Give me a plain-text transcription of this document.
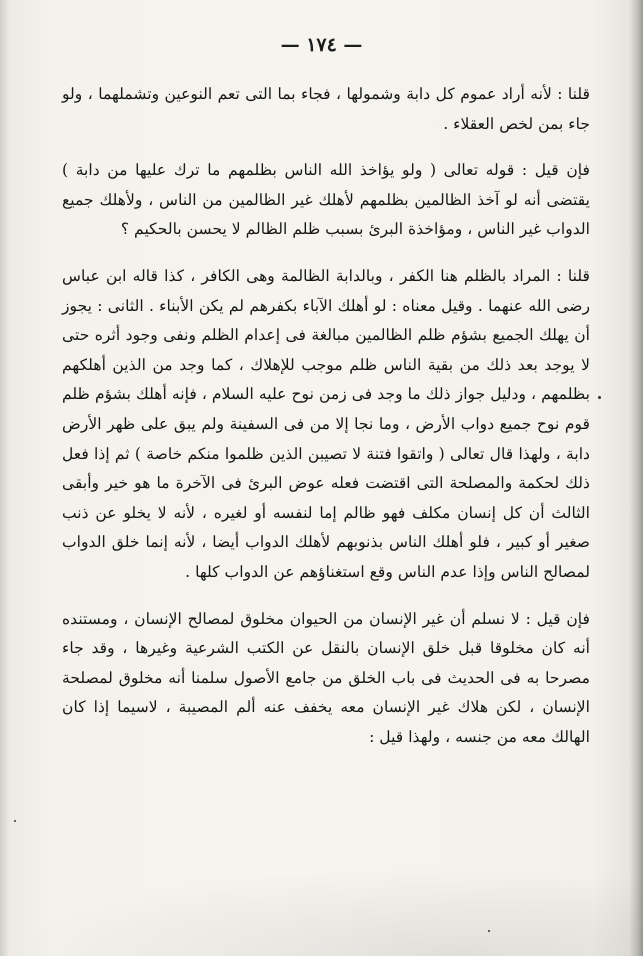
— ١٧٤ —

قلنا : لأنه أراد عموم كل دابة وشمولها ، فجاء بما التى تعم النوعين وتشملهما ، ولو جاء بمن لخص العقلاء .

فإن قيل : قوله تعالى ( ولو يؤاخذ الله الناس بظلمهم ما ترك عليها من دابة ) يقتضى أنه لو آخذ الظالمين بظلمهم لأهلك غير الظالمين من الناس ، ولأهلك جميع الدواب غير الناس ، ومؤاخذة البرئ بسبب ظلم الظالم لا يحسن بالحكيم ؟

قلنا : المراد بالظلم هنا الكفر ، وبالدابة الظالمة وهى الكافر ، كذا قاله ابن عباس رضى الله عنهما . وقيل معناه : لو أهلك الآباء بكفرهم لم يكن الأبناء . الثانى : يجوز أن يهلك الجميع بشؤم ظلم الظالمين مبالغة فى إعدام الظلم ونفى وجود أثره حتى لا يوجد بعد ذلك من بقية الناس ظلم موجب للإهلاك ، كما وجد من الذين أهلكهم بظلمهم ، ودليل جواز ذلك ما وجد فى زمن نوح عليه السلام ، فإنه أهلك بشؤم ظلم قوم نوح جميع دواب الأرض ، وما نجا إلا من فى السفينة ولم يبق على ظهر الأرض دابة ، ولهذا قال تعالى ( واتقوا فتنة لا تصيبن الذين ظلموا منكم خاصة ) ثم إذا فعل ذلك لحكمة والمصلحة التى اقتضت فعله عوض البرئ فى الآخرة ما هو خير وأبقى الثالث أن كل إنسان مكلف فهو ظالم إما لنفسه أو لغيره ، لأنه لا يخلو عن ذنب صغير أو كبير ، فلو أهلك الناس بذنوبهم لأهلك الدواب أيضا ، لأنه إنما خلق الدواب لمصالح الناس وإذا عدم الناس وقع استغناؤهم عن الدواب كلها .

فإن قيل : لا نسلم أن غير الإنسان من الحيوان مخلوق لمصالح الإنسان ، ومستنده أنه كان مخلوقا قبل خلق الإنسان بالنقل عن الكتب الشرعية وغيرها ، وقد جاء مصرحا به فى الحديث فى باب الخلق من جامع الأصول سلمنا أنه مخلوق لمصلحة الإنسان ، لكن هلاك غير الإنسان معه يخفف عنه ألم المصيبة ، لاسيما إذا كان الهالك معه من جنسه ، ولهذا قيل :
